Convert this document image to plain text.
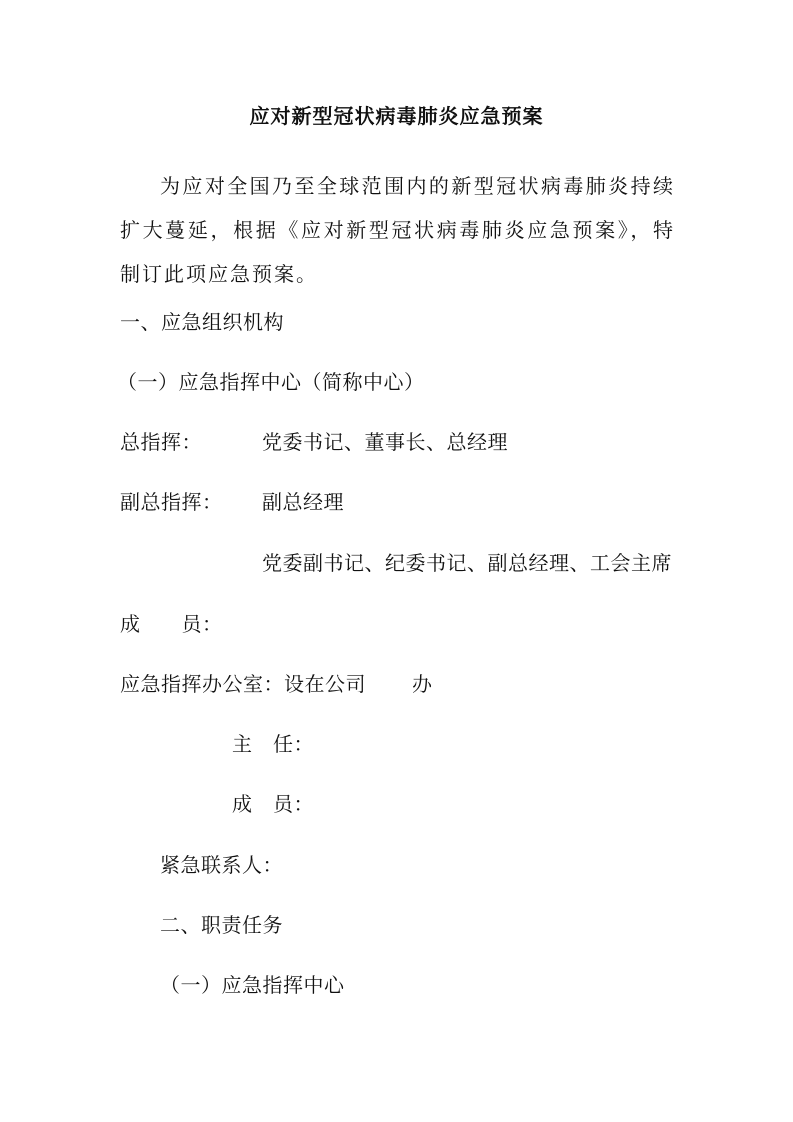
应对新型冠状病毒肺炎应急预案
为应对全国乃至全球范围内的新型冠状病毒肺炎持续扩大蔓延，根据《应对新型冠状病毒肺炎应急预案》，特制订此项应急预案。
一、应急组织机构
（一）应急指挥中心（简称中心）
总指挥：	党委书记、董事长、总经理
副总指挥： 副总经理
党委副书记、纪委书记、副总经理、工会主席
成　　员：
应急指挥办公室：设在公司 办
主　任：
成　员：
紧急联系人：
二、职责任务
（一）应急指挥中心
